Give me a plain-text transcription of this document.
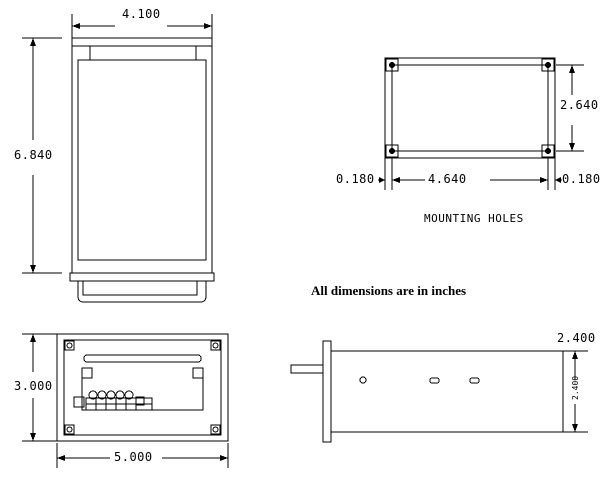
4.100
6.840
2.640
4.640
0.180	0.180
MOUNTING HOLES
All dimensions are in inches
3.000
5.000
2.400
2.400
